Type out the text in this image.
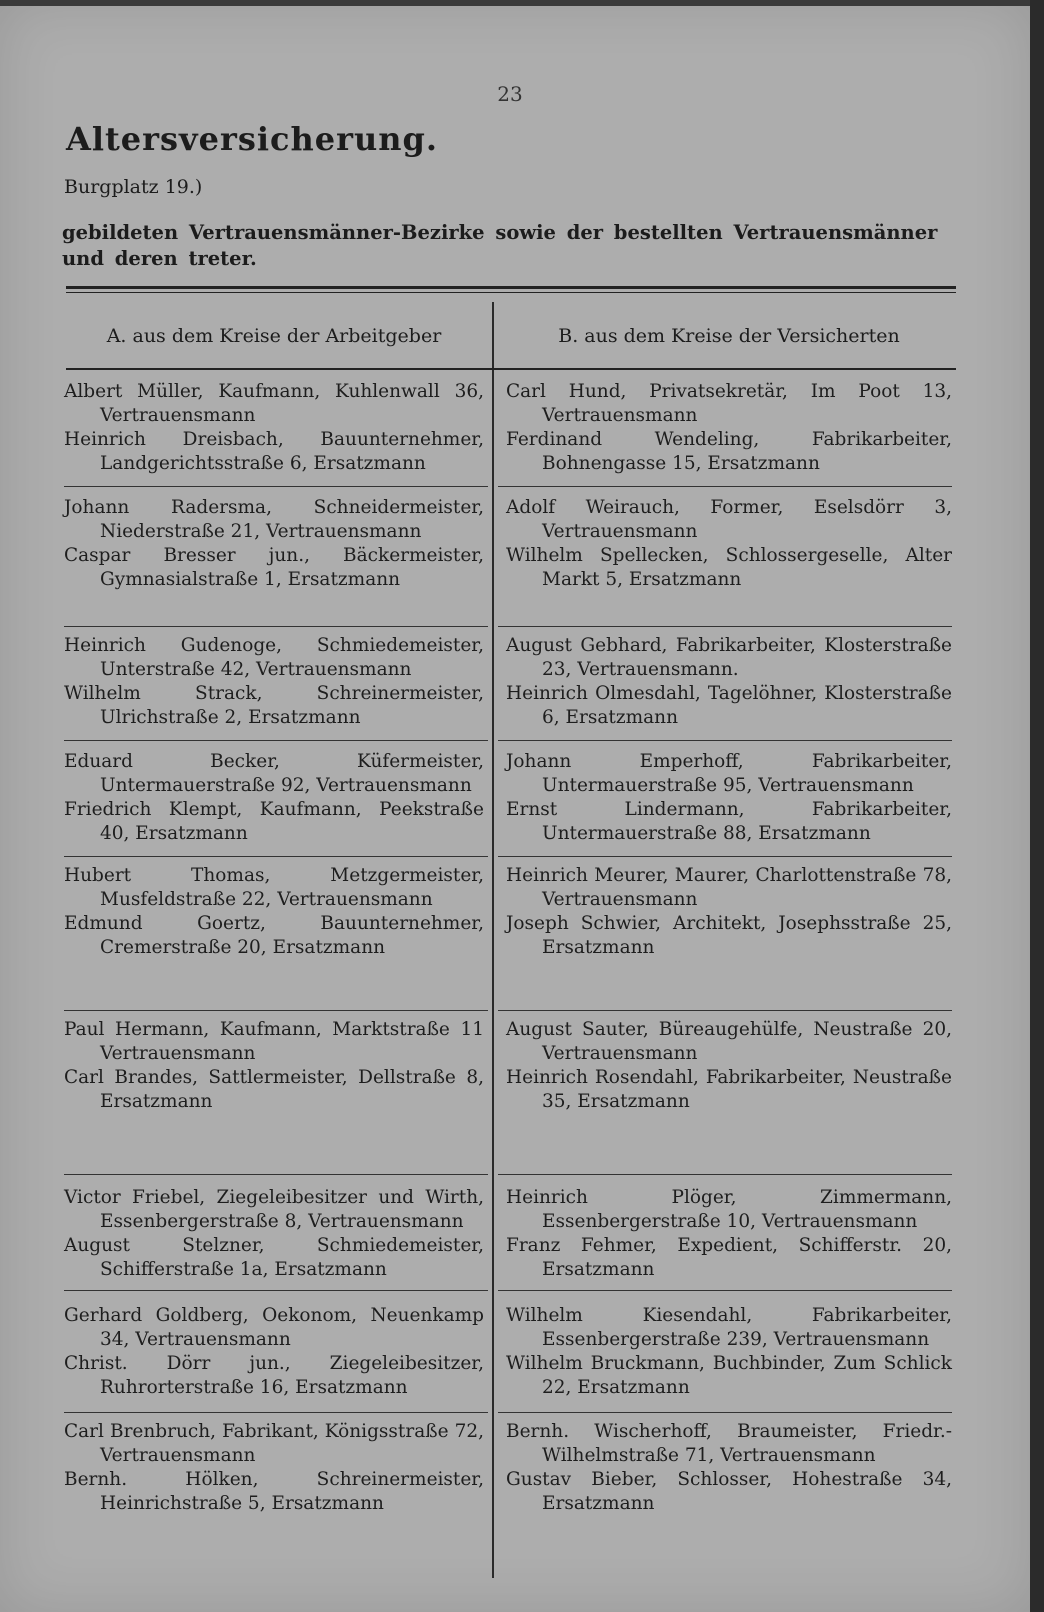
23
Altersversicherung.
Burgplatz 19.)
gebildeten Vertrauensmänner-Bezirke sowie der bestellten Vertrauensmänner und deren treter.
A. aus dem Kreise der Arbeitgeber	B. aus dem Kreise der Versicherten
Albert Müller, Kaufmann, Kuhlenwall 36, Vertrauensmann
Heinrich Dreisbach, Bauunternehmer, Landgerichtsstraße 6, Ersatzmann
Carl Hund, Privatsekretär, Im Poot 13, Vertrauensmann
Ferdinand Wendeling, Fabrikarbeiter, Bohnengasse 15, Ersatzmann
Johann Radersma, Schneidermeister, Niederstraße 21, Vertrauensmann
Caspar Bresser jun., Bäckermeister, Gymnasialstraße 1, Ersatzmann
Adolf Weirauch, Former, Eselsdörr 3, Vertrauensmann
Wilhelm Spellecken, Schlossergeselle, Alter Markt 5, Ersatzmann
Heinrich Gudenoge, Schmiedemeister, Unterstraße 42, Vertrauensmann
Wilhelm Strack, Schreinermeister, Ulrichstraße 2, Ersatzmann
August Gebhard, Fabrikarbeiter, Klosterstraße 23, Vertrauensmann.
Heinrich Olmesdahl, Tagelöhner, Klosterstraße 6, Ersatzmann
Eduard Becker, Küfermeister, Untermauerstraße 92, Vertrauensmann
Friedrich Klempt, Kaufmann, Peekstraße 40, Ersatzmann
Johann Emperhoff, Fabrikarbeiter, Untermauerstraße 95, Vertrauensmann
Ernst Lindermann, Fabrikarbeiter, Untermauerstraße 88, Ersatzmann
Hubert Thomas, Metzgermeister, Musfeldstraße 22, Vertrauensmann
Edmund Goertz, Bauunternehmer, Cremerstraße 20, Ersatzmann
Heinrich Meurer, Maurer, Charlottenstraße 78, Vertrauensmann
Joseph Schwier, Architekt, Josephsstraße 25, Ersatzmann
Paul Hermann, Kaufmann, Marktstraße 11 Vertrauensmann
Carl Brandes, Sattlermeister, Dellstraße 8, Ersatzmann
August Sauter, Büreaugehülfe, Neustraße 20, Vertrauensmann
Heinrich Rosendahl, Fabrikarbeiter, Neustraße 35, Ersatzmann
Victor Friebel, Ziegeleibesitzer und Wirth, Essenbergerstraße 8, Vertrauensmann
August Stelzner, Schmiedemeister, Schifferstraße 1a, Ersatzmann
Heinrich Plöger, Zimmermann, Essenbergerstraße 10, Vertrauensmann
Franz Fehmer, Expedient, Schifferstr. 20, Ersatzmann
Gerhard Goldberg, Oekonom, Neuenkamp 34, Vertrauensmann
Christ. Dörr jun., Ziegeleibesitzer, Ruhrorterstraße 16, Ersatzmann
Wilhelm Kiesendahl, Fabrikarbeiter, Essenbergerstraße 239, Vertrauensmann
Wilhelm Bruckmann, Buchbinder, Zum Schlick 22, Ersatzmann
Carl Brenbruch, Fabrikant, Königsstraße 72, Vertrauensmann
Bernh. Hölken, Schreinermeister, Heinrichstraße 5, Ersatzmann
Bernh. Wischerhoff, Braumeister, Friedr.-Wilhelmstraße 71, Vertrauensmann
Gustav Bieber, Schlosser, Hohestraße 34, Ersatzmann
